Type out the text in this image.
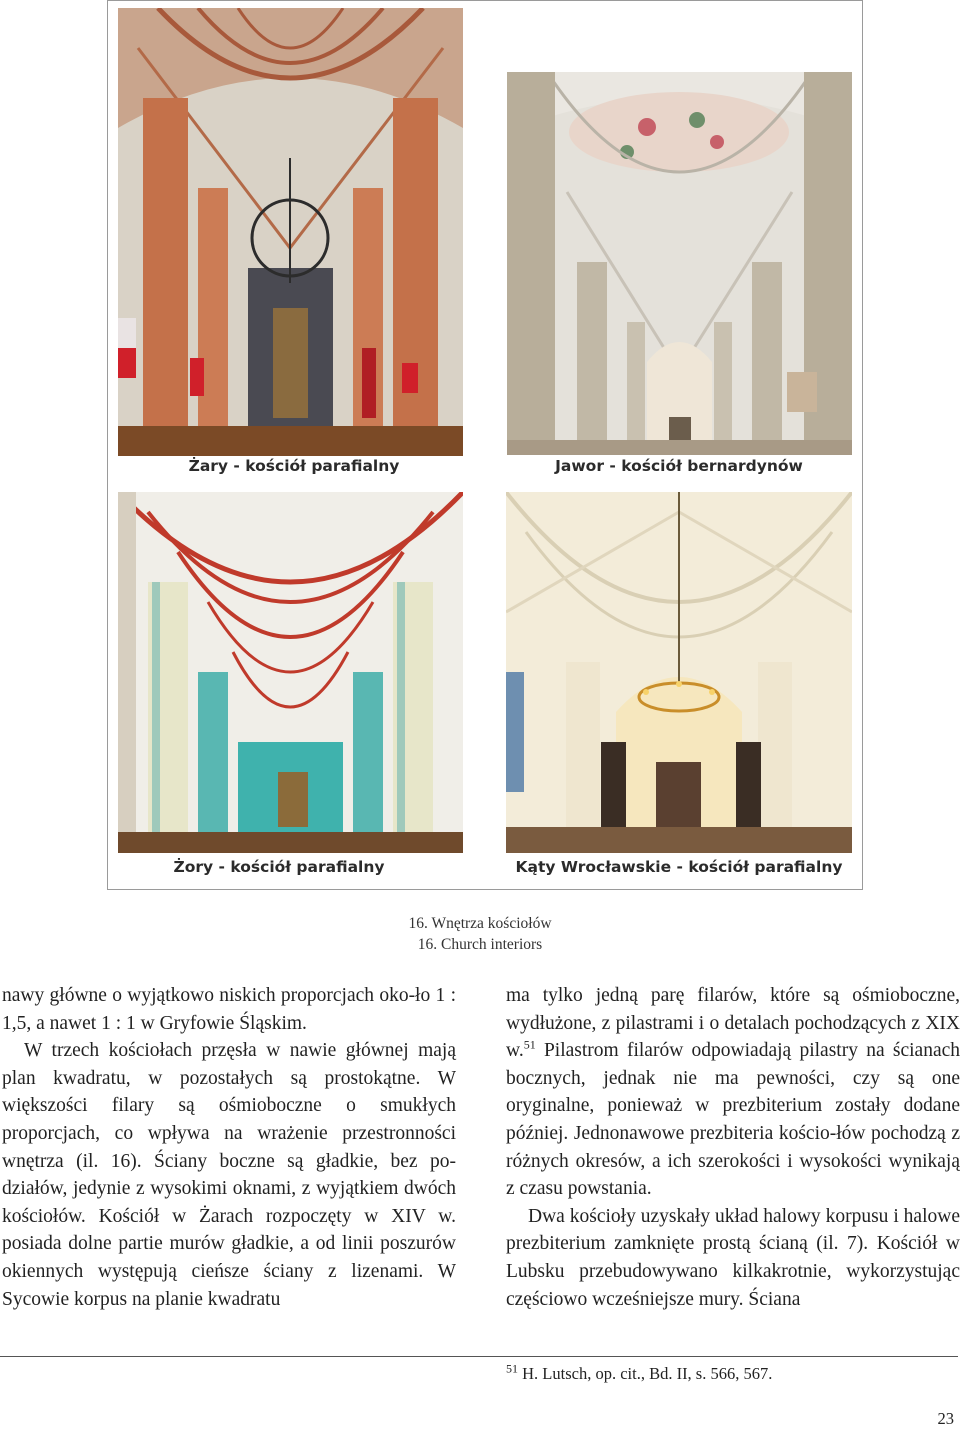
Żary - kościół parafialny	Jawor - kościół bernardynów
Żory - kościół parafialny	Kąty Wrocławskie - kościół parafialny
16. Wnętrza kościołów
16. Church interiors

nawy główne o wyjątkowo niskich proporcjach oko-ło 1 : 1,5, a nawet 1 : 1 w Gryfowie Śląskim.

W trzech kościołach przęsła w nawie głównej mają plan kwadratu, w pozostałych są prostokątne. W większości filary są ośmioboczne o smukłych proporcjach, co wpływa na wrażenie przestronności wnętrza (il. 16). Ściany boczne są gładkie, bez po-działów, jedynie z wysokimi oknami, z wyjątkiem dwóch kościołów. Kościół w Żarach rozpoczęty w XIV w. posiada dolne partie murów gładkie, a od linii poszurów okiennych występują cieńsze ściany z lizenami. W Sycowie korpus na planie kwadratu

ma tylko jedną parę filarów, które są ośmioboczne, wydłużone, z pilastrami i o detalach pochodzących z XIX w.$^{51}$ Pilastrom filarów odpowiadają pilastry na ścianach bocznych, jednak nie ma pewności, czy są one oryginalne, ponieważ w prezbiterium zostały dodane później. Jednonawowe prezbiteria kościo-łów pochodzą z różnych okresów, a ich szerokości i wysokości wynikają z czasu powstania.

Dwa kościoły uzyskały układ halowy korpusu i halowe prezbiterium zamknięte prostą ścianą (il. 7). Kościół w Lubsku przebudowywano kilkakrotnie, wykorzystując częściowo wcześniejsze mury. Ściana

$^{51}$ H. Lutsch, op. cit., Bd. II, s. 566, 567.
23
